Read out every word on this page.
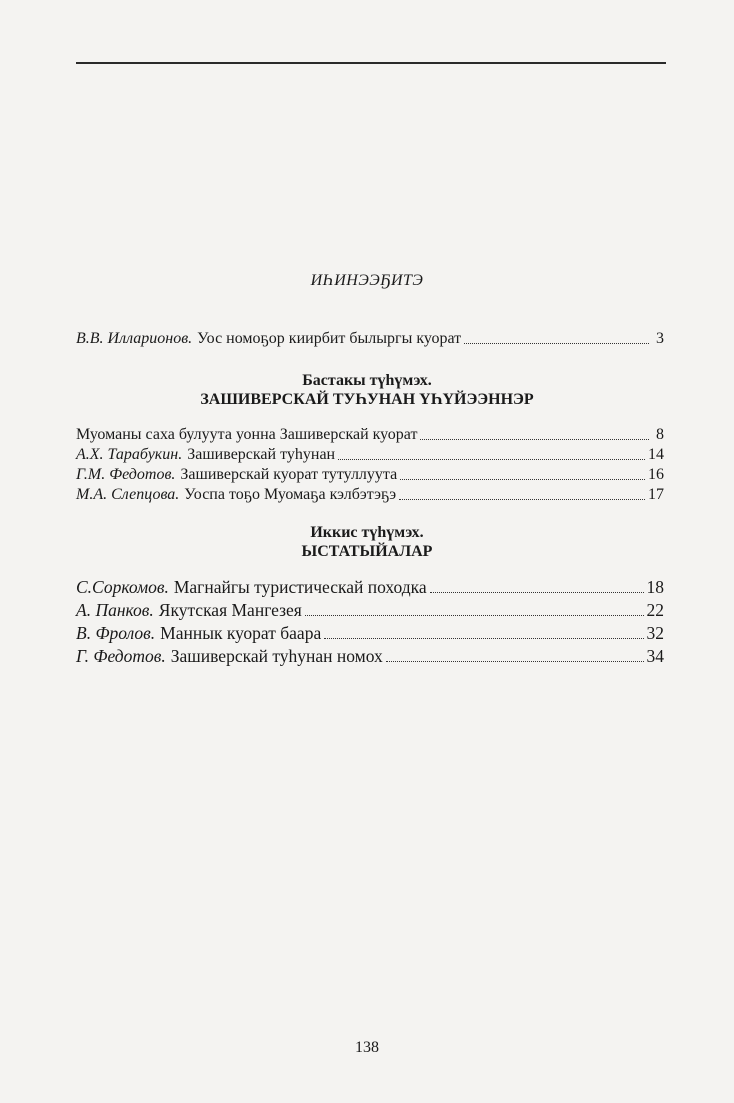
ИҺИНЭЭҔИТЭ
В.В. Илларионов. Уос номоҕор киирбит былыргы куорат	3
Бастакы түһүмэх.
ЗАШИВЕРСКАЙ ТУҺУНАН ҮҺҮЙЭЭННЭР
Муоманы саха булуута уонна Зашиверскай куорат	8
А.Х. Тарабукин. Зашиверскай туһунан	14
Г.М. Федотов. Зашиверскай куорат тутуллуута	16
М.А. Слепцова. Уоспа тоҕо Муомаҕа кэлбэтэҕэ	17
Иккис түһүмэх.
ЫСТАТЫЙАЛАР
С.Соркомов. Магнайгы туристическай походка	18
А. Панков. Якутская Мангезея	22
В. Фролов. Маннык куорат баара	32
Г. Федотов. Зашиверскай туһунан номох	34
138
